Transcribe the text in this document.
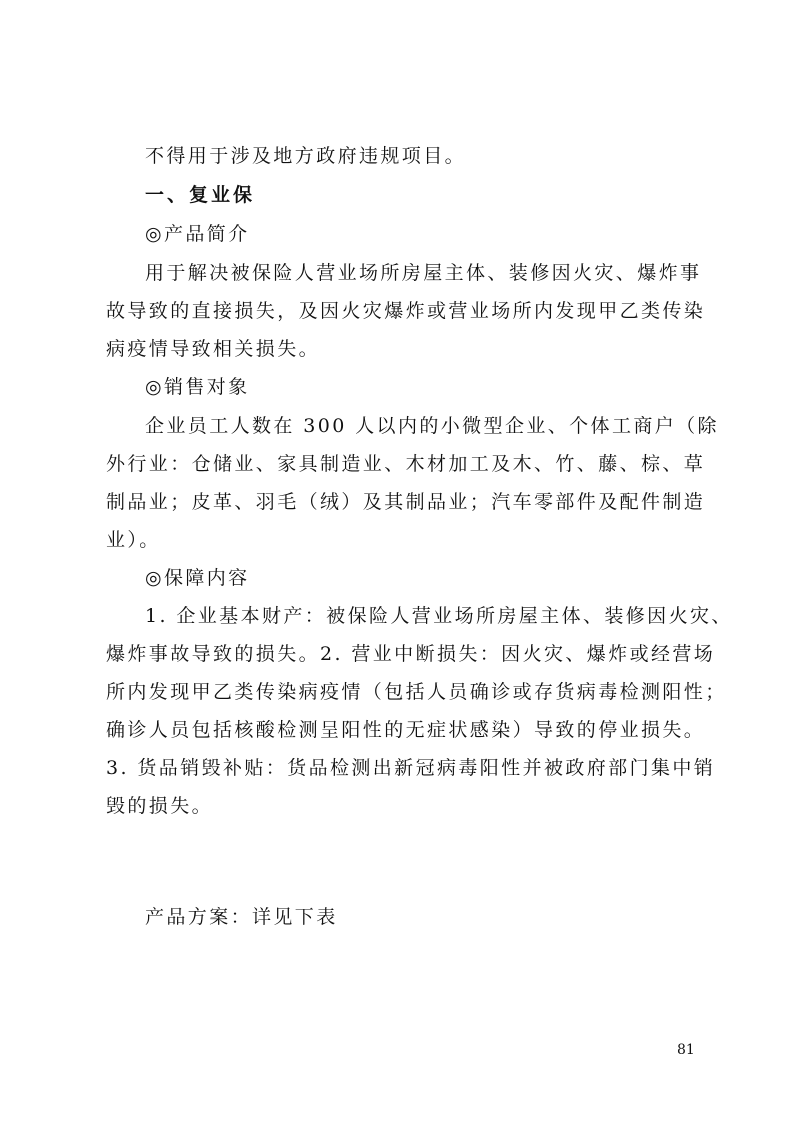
不得用于涉及地方政府违规项目。
一、复业保
◎产品简介
用于解决被保险人营业场所房屋主体、装修因火灾、爆炸事
故导致的直接损失，及因火灾爆炸或营业场所内发现甲乙类传染
病疫情导致相关损失。
◎销售对象
企业员工人数在 300 人以内的小微型企业、个体工商户（除
外行业：仓储业、家具制造业、木材加工及木、竹、藤、棕、草
制品业；皮革、羽毛（绒）及其制品业；汽车零部件及配件制造
业）。
◎保障内容
1. 企业基本财产：被保险人营业场所房屋主体、装修因火灾、
爆炸事故导致的损失。2. 营业中断损失：因火灾、爆炸或经营场
所内发现甲乙类传染病疫情（包括人员确诊或存货病毒检测阳性；
确诊人员包括核酸检测呈阳性的无症状感染）导致的停业损失。
3. 货品销毁补贴：货品检测出新冠病毒阳性并被政府部门集中销
毁的损失。
产品方案：详见下表
81
